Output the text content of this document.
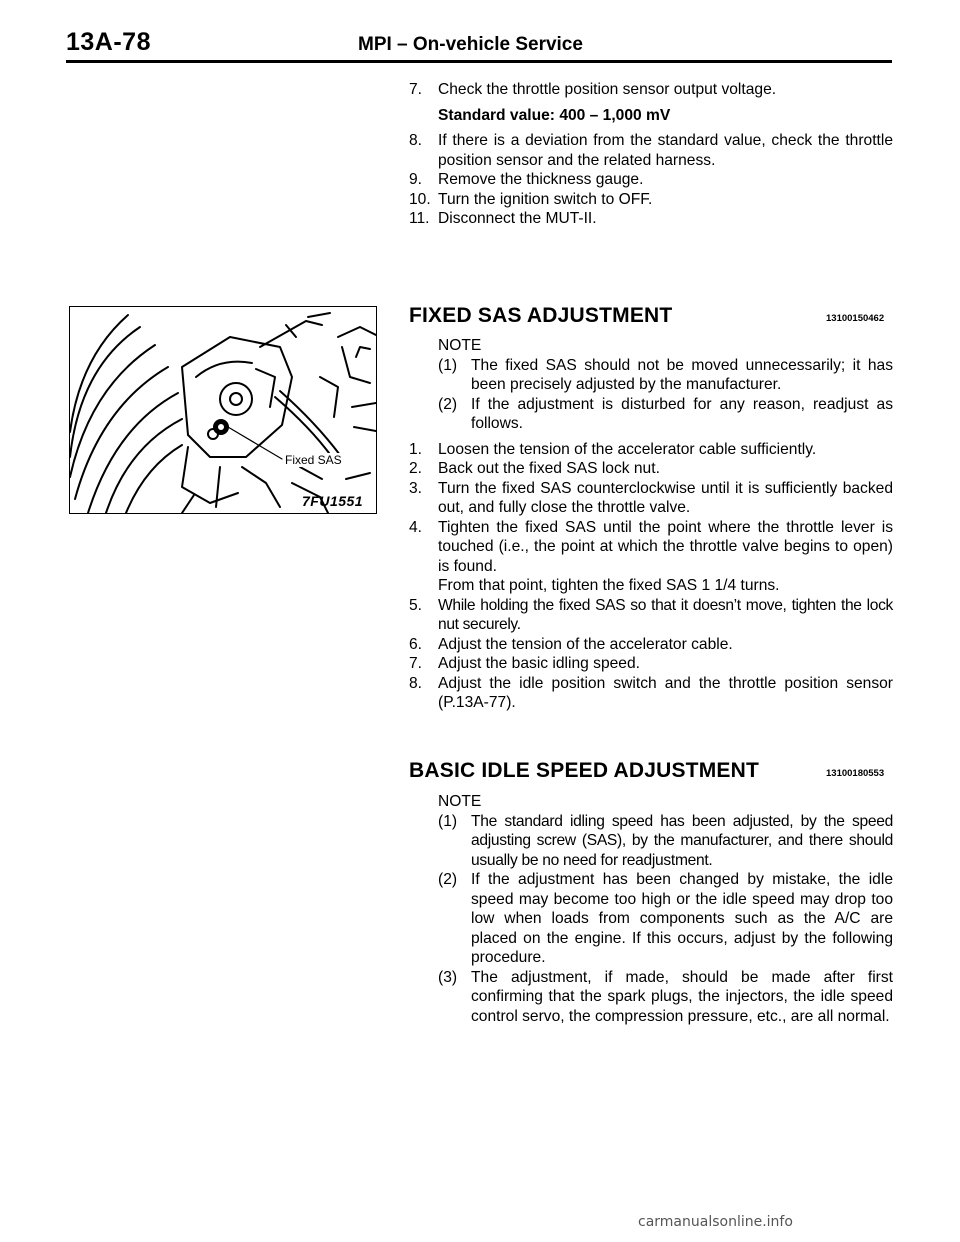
13A-78	MPI – On-vehicle Service
7. Check the throttle position sensor output voltage.
Standard value: 400 – 1,000 mV
8. If there is a deviation from the standard value, check the throttle position sensor and the related harness.
9. Remove the thickness gauge.
10. Turn the ignition switch to OFF.
11. Disconnect the MUT-II.
FIXED SAS ADJUSTMENT	13100150462
NOTE
(1) The fixed SAS should not be moved unnecessarily; it has been precisely adjusted by the manufacturer.
(2) If the adjustment is disturbed for any reason, readjust as follows.
1. Loosen the tension of the accelerator cable sufficiently.
2. Back out the fixed SAS lock nut.
3. Turn the fixed SAS counterclockwise until it is sufficiently backed out, and fully close the throttle valve.
4. Tighten the fixed SAS until the point where the throttle lever is touched (i.e., the point at which the throttle valve begins to open) is found.
From that point, tighten the fixed SAS 1 1/4 turns.
5. While holding the fixed SAS so that it doesn’t move, tighten the lock nut securely.
6. Adjust the tension of the accelerator cable.
7. Adjust the basic idling speed.
8. Adjust the idle position switch and the throttle position sensor (P.13A-77).
Fixed SAS
7FU1551
BASIC IDLE SPEED ADJUSTMENT	13100180553
NOTE
(1) The standard idling speed has been adjusted, by the speed adjusting screw (SAS), by the manufacturer, and there should usually be no need for readjustment.
(2) If the adjustment has been changed by mistake, the idle speed may become too high or the idle speed may drop too low when loads from components such as the A/C are placed on the engine. If this occurs, adjust by the following procedure.
(3) The adjustment, if made, should be made after first confirming that the spark plugs, the injectors, the idle speed control servo, the compression pressure, etc., are all normal.
carmanualsonline.info
